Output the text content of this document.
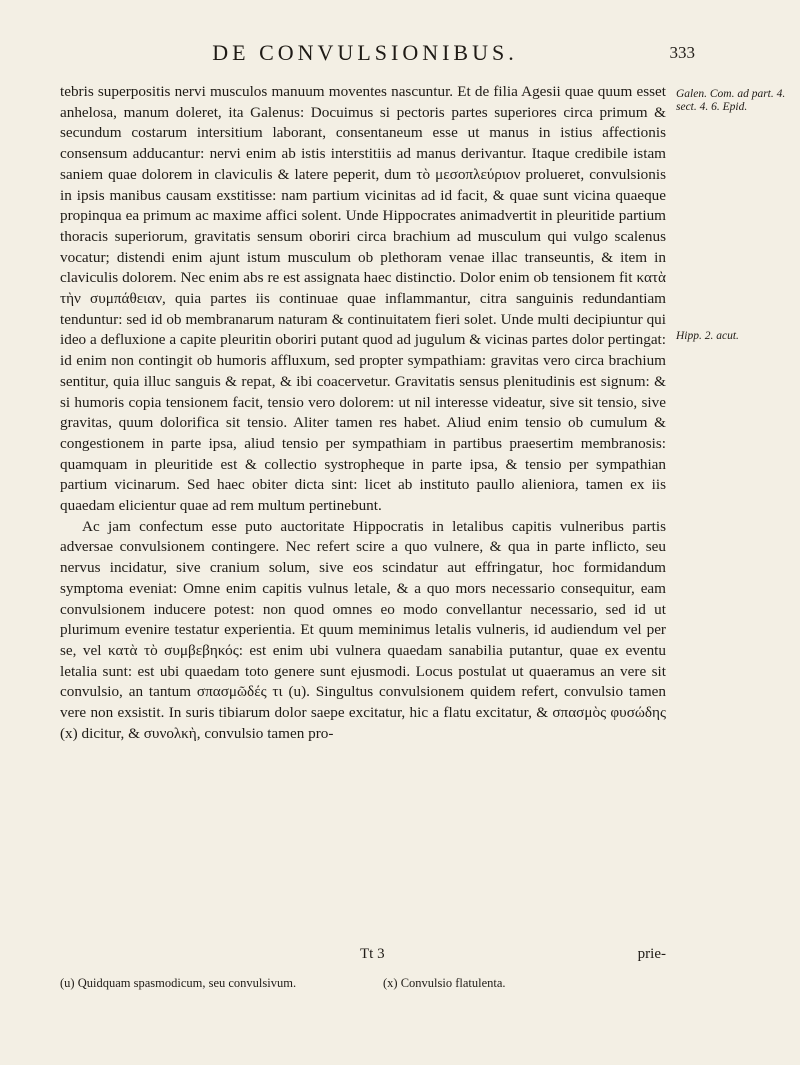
DE CONVULSIONIBUS.	333

tebris superpositis nervi musculos manuum moventes nascuntur. Et de filia Agesii quae quum esset anhelosa, manum doleret, ita Galenus: Docuimus si pectoris partes superiores circa primum & secundum costarum intersitium laborant, consentaneum esse ut manus in istius affectionis consensum adducantur: nervi enim ab istis interstitiis ad manus derivantur. Itaque credibile istam saniem quae dolorem in claviculis & latere peperit, dum τὸ μεσοπλεύριον prolueret, convulsionis in ipsis manibus causam exstitisse: nam partium vicinitas ad id facit, & quae sunt vicina quaeque propinqua ea primum ac maxime affici solent. Unde Hippocrates animadvertit in pleuritide partium thoracis superiorum, gravitatis sensum oboriri circa brachium ad musculum qui vulgo scalenus vocatur; distendi enim ajunt istum musculum ob plethoram venae illac transeuntis, & item in claviculis dolorem. Nec enim abs re est assignata haec distinctio. Dolor enim ob tensionem fit κατὰ τὴν συμπάθειαν, quia partes iis continuae quae inflammantur, citra sanguinis redundantiam tenduntur: sed id ob membranarum naturam & continuitatem fieri solet. Unde multi decipiuntur qui ideo a defluxione a capite pleuritin oboriri putant quod ad jugulum & vicinas partes dolor pertingat: id enim non contingit ob humoris affluxum, sed propter sympathiam: gravitas vero circa brachium sentitur, quia illuc sanguis & repat, & ibi coacervetur. Gravitatis sensus plenitudinis est signum: & si humoris copia tensionem facit, tensio vero dolorem: ut nil interesse videatur, sive sit tensio, sive gravitas, quum dolorifica sit tensio. Aliter tamen res habet. Aliud enim tensio ob cumulum & congestionem in parte ipsa, aliud tensio per sympathiam in partibus praesertim membranosis: quamquam in pleuritide est & collectio systropheque in parte ipsa, & tensio per sympathian partium vicinarum. Sed haec obiter dicta sint: licet ab instituto paullo alieniora, tamen ex iis quaedam elicientur quae ad rem multum pertinebunt.

Ac jam confectum esse puto auctoritate Hippocratis in letalibus capitis vulneribus partis adversae convulsionem contingere. Nec refert scire a quo vulnere, & qua in parte inflicto, seu nervus incidatur, sive cranium solum, sive eos scindatur aut effringatur, hoc formidandum symptoma eveniat: Omne enim capitis vulnus letale, & a quo mors necessario consequitur, eam convulsionem inducere potest: non quod omnes eo modo convellantur necessario, sed id ut plurimum evenire testatur experientia. Et quum meminimus letalis vulneris, id audiendum vel per se, vel κατὰ τὸ συμβεβηκός: est enim ubi vulnera quaedam sanabilia putantur, quae ex eventu letalia sunt: est ubi quaedam toto genere sunt ejusmodi. Locus postulat ut quaeramus an vere sit convulsio, an tantum σπασμῶδές τι (u). Singultus convulsionem quidem refert, convulsio tamen vere non exsistit. In suris tibiarum dolor saepe excitatur, hic a flatu excitatur, & σπασμὸς φυσώδης (x) dicitur, & συνολκὴ, convulsio tamen pro-

Galen. Com. ad part. 4. sect. 4. 6. Epid.
Hipp. 2. acut.
Tt 3	prie-
(u) Quidquam spasmodicum, seu convulsivum.	(x) Convulsio flatulenta.
